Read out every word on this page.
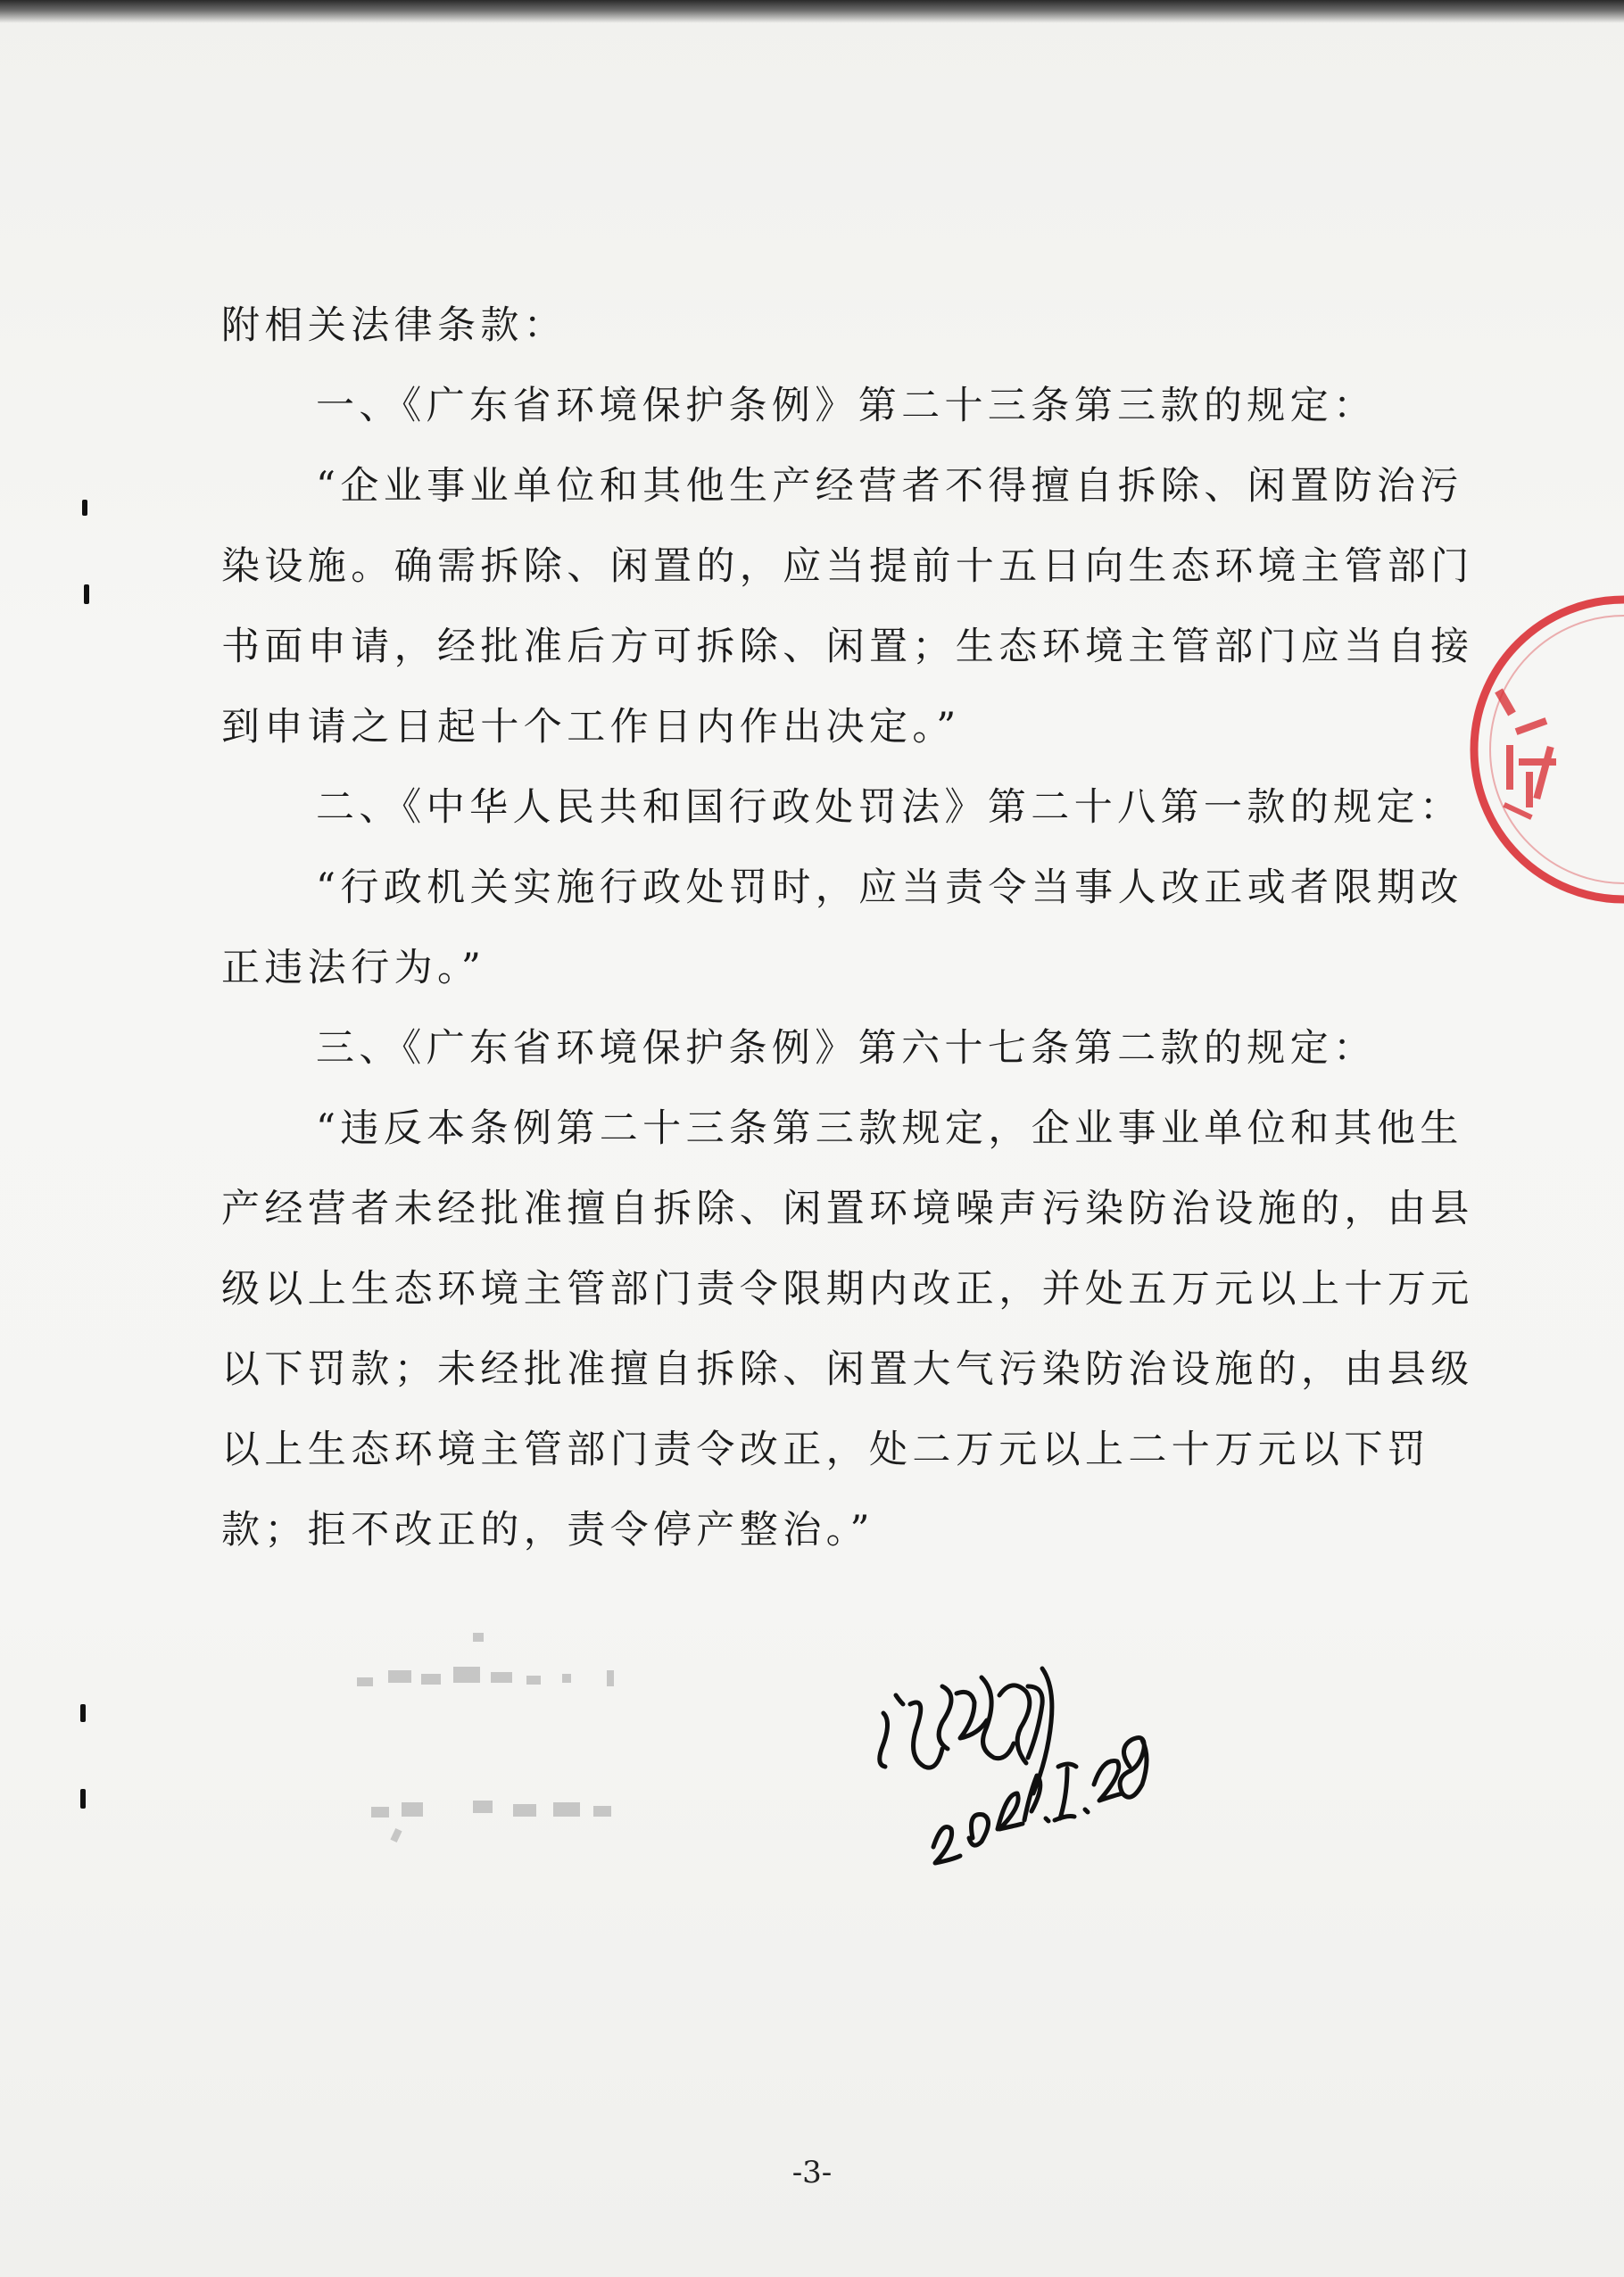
附相关法律条款：

一、《广东省环境保护条例》第二十三条第三款的规定：

“企业事业单位和其他生产经营者不得擅自拆除、闲置防治污
染设施。确需拆除、闲置的，应当提前十五日向生态环境主管部门
书面申请，经批准后方可拆除、闲置；生态环境主管部门应当自接
到申请之日起十个工作日内作出决定。”

二、《中华人民共和国行政处罚法》第二十八第一款的规定：

“行政机关实施行政处罚时，应当责令当事人改正或者限期改
正违法行为。”

三、《广东省环境保护条例》第六十七条第二款的规定：

“违反本条例第二十三条第三款规定，企业事业单位和其他生
产经营者未经批准擅自拆除、闲置环境噪声污染防治设施的，由县
级以上生态环境主管部门责令限期内改正，并处五万元以上十万元
以下罚款；未经批准擅自拆除、闲置大气污染防治设施的，由县级
以上生态环境主管部门责令改正，处二万元以上二十万元以下罚
款；拒不改正的，责令停产整治。”

-3-
